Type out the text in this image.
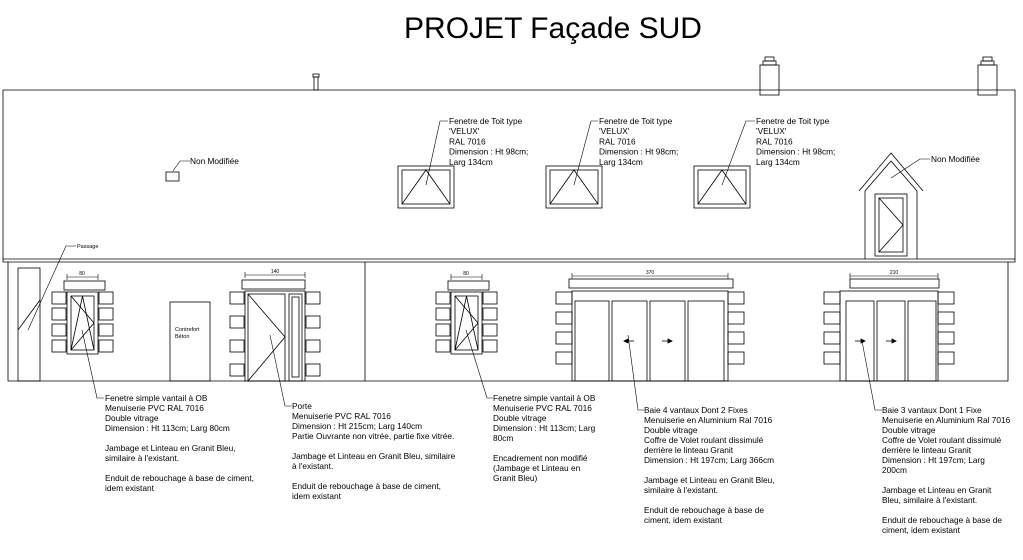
PROJET Façade SUD
80	140	80	370	210
Non Modifiée	Non Modifiée
Passage
Contrefort
Béton
Fenetre de Toit type
'VELUX'
RAL 7016
Dimension : Ht 98cm;
Larg 134cm
Fenetre de Toit type
'VELUX'
RAL 7016
Dimension : Ht 98cm;
Larg 134cm
Fenetre de Toit type
'VELUX'
RAL 7016
Dimension : Ht 98cm;
Larg 134cm
Fenetre simple vantail à OB
Menuiserie PVC RAL 7016
Double vitrage
Dimension : Ht 113cm; Larg 80cm
Jambage et Linteau en Granit Bleu,
similaire à l'existant.
Enduit de rebouchage à base de ciment,
idem existant
Porte
Menuiserie PVC RAL 7016
Dimension : Ht 215cm; Larg 140cm
Partie Ouvrante non vitrée, partie fixe vitrée.
Jambage et Linteau en Granit Bleu, similaire
à l'existant.
Enduit de rebouchage à base de ciment,
idem existant
Fenetre simple vantail à OB
Menuiserie PVC RAL 7016
Double vitrage
Dimension : Ht 113cm; Larg
80cm
Encadrement non modifié
(Jambage et Linteau en
Granit Bleu)
Baie 4 vantaux Dont 2 Fixes
Menuiserie en Aluminium Ral 7016
Double vitrage
Coffre de Volet roulant dissimulé
derrière le linteau Granit
Dimension : Ht 197cm; Larg 366cm
Jambage et Linteau en Granit Bleu,
similaire à l'existant.
Enduit de rebouchage à base de
ciment, idem existant
Baie 3 vantaux Dont 1 Fixe
Menuiserie en Aluminium Ral 7016
Double vitrage
Coffre de Volet roulant dissimulé
derrière le linteau Granit
Dimension : Ht 197cm; Larg
200cm
Jambage et Linteau en Granit
Bleu, similaire à l'existant.
Enduit de rebouchage à base de
ciment, idem existant
